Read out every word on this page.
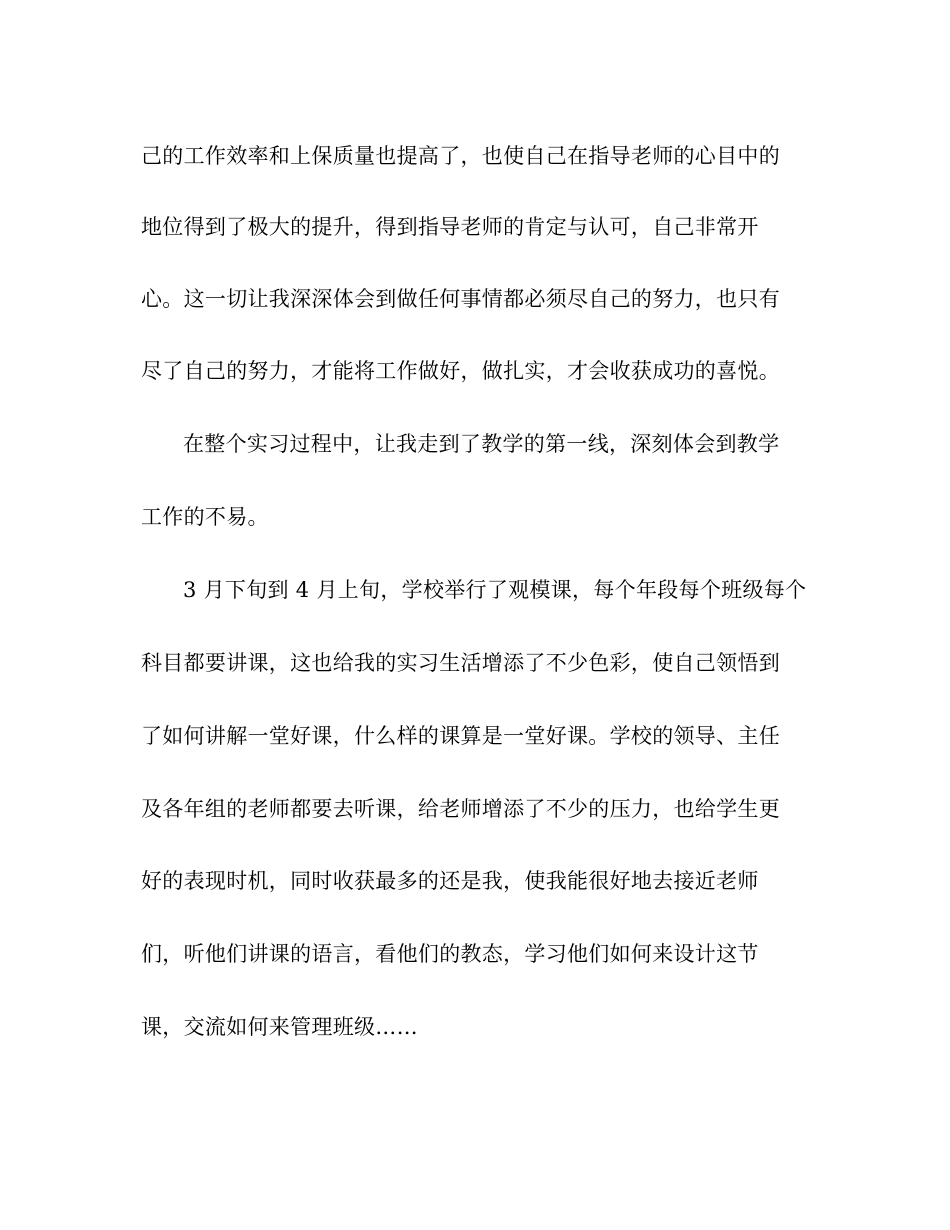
己的工作效率和上保质量也提高了，也使自己在指导老师的心目中的
地位得到了极大的提升，得到指导老师的肯定与认可，自己非常开
心。这一切让我深深体会到做任何事情都必须尽自己的努力，也只有
尽了自己的努力，才能将工作做好，做扎实，才会收获成功的喜悦。
在整个实习过程中，让我走到了教学的第一线，深刻体会到教学
工作的不易。
3 月下旬到 4 月上旬，学校举行了观模课，每个年段每个班级每个
科目都要讲课，这也给我的实习生活增添了不少色彩，使自己领悟到
了如何讲解一堂好课，什么样的课算是一堂好课。学校的领导、主任
及各年组的老师都要去听课，给老师增添了不少的压力，也给学生更
好的表现时机，同时收获最多的还是我，使我能很好地去接近老师
们，听他们讲课的语言，看他们的教态，学习他们如何来设计这节
课，交流如何来管理班级……
